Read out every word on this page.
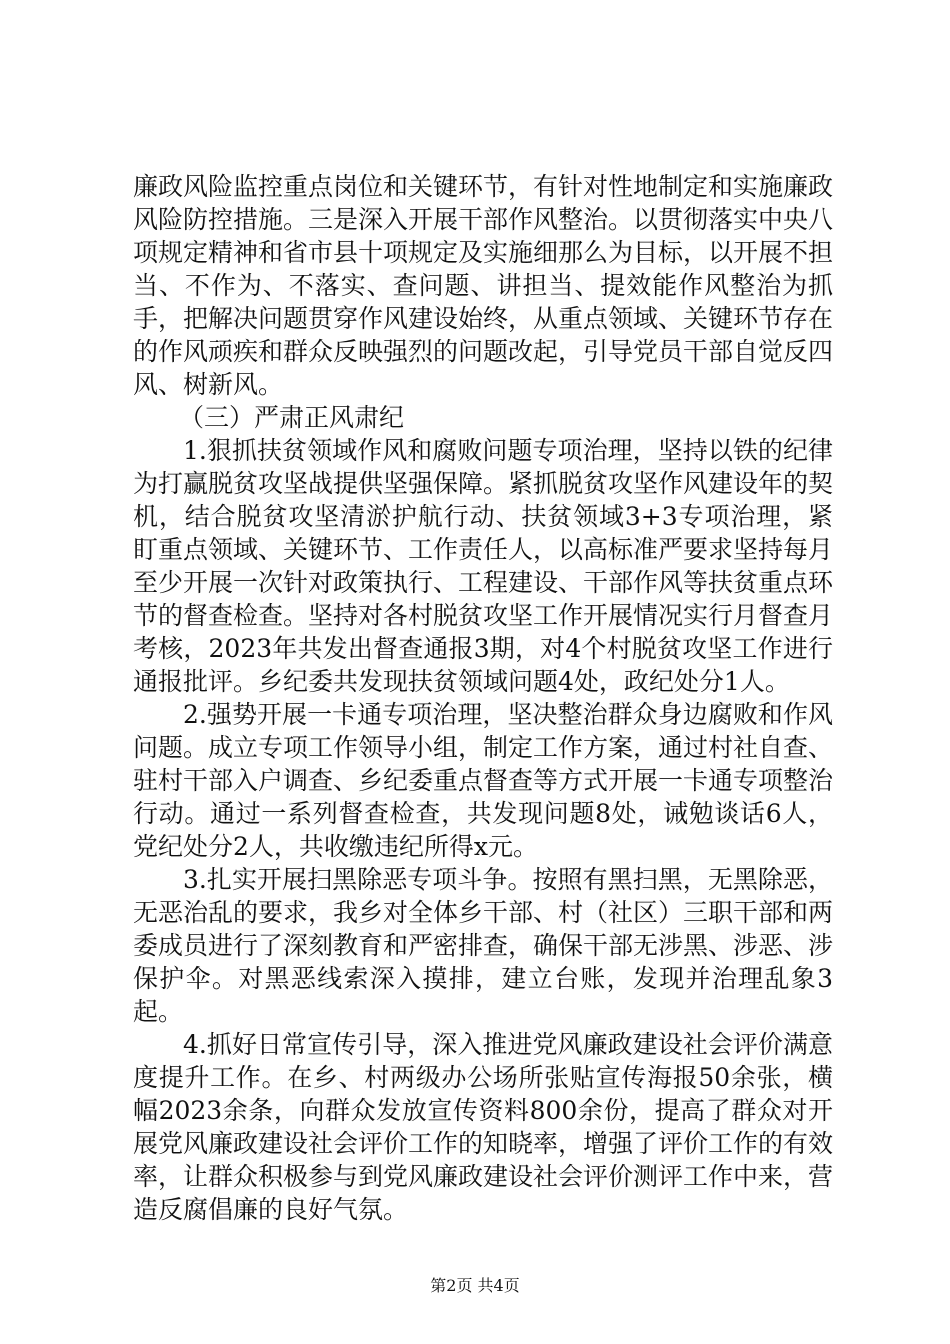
廉政风险监控重点岗位和关键环节，有针对性地制定和实施廉政风险防控措施。三是深入开展干部作风整治。以贯彻落实中央八项规定精神和省市县十项规定及实施细那么为目标，以开展不担当、不作为、不落实、查问题、讲担当、提效能作风整治为抓手，把解决问题贯穿作风建设始终，从重点领域、关键环节存在的作风顽疾和群众反映强烈的问题改起，引导党员干部自觉反四风、树新风。

（三）严肃正风肃纪

1.狠抓扶贫领域作风和腐败问题专项治理，坚持以铁的纪律为打赢脱贫攻坚战提供坚强保障。紧抓脱贫攻坚作风建设年的契机，结合脱贫攻坚清淤护航行动、扶贫领域3+3专项治理，紧盯重点领域、关键环节、工作责任人，以高标准严要求坚持每月至少开展一次针对政策执行、工程建设、干部作风等扶贫重点环节的督查检查。坚持对各村脱贫攻坚工作开展情况实行月督查月考核，2023年共发出督查通报3期，对4个村脱贫攻坚工作进行通报批评。乡纪委共发现扶贫领域问题4处，政纪处分1人。

2.强势开展一卡通专项治理，坚决整治群众身边腐败和作风问题。成立专项工作领导小组，制定工作方案，通过村社自查、驻村干部入户调查、乡纪委重点督查等方式开展一卡通专项整治行动。通过一系列督查检查，共发现问题8处，诫勉谈话6人，党纪处分2人，共收缴违纪所得x元。

3.扎实开展扫黑除恶专项斗争。按照有黑扫黑，无黑除恶，无恶治乱的要求，我乡对全体乡干部、村（社区）三职干部和两委成员进行了深刻教育和严密排查，确保干部无涉黑、涉恶、涉保护伞。对黑恶线索深入摸排，建立台账，发现并治理乱象3起。

4.抓好日常宣传引导，深入推进党风廉政建设社会评价满意度提升工作。在乡、村两级办公场所张贴宣传海报50余张，横幅2023余条，向群众发放宣传资料800余份，提高了群众对开展党风廉政建设社会评价工作的知晓率，增强了评价工作的有效率，让群众积极参与到党风廉政建设社会评价测评工作中来，营造反腐倡廉的良好气氛。

第2页 共4页
